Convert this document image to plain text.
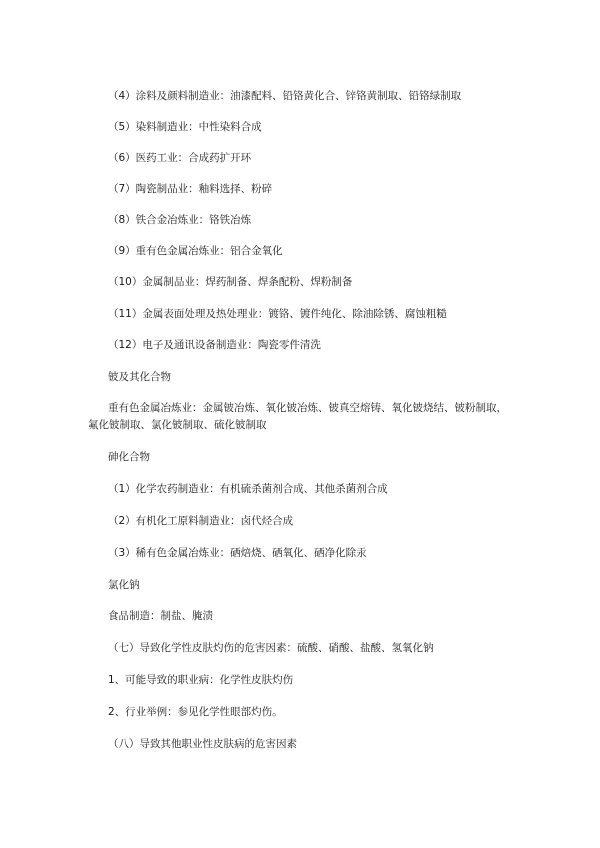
（4）涂料及颜料制造业：油漆配料、铅铬黄化合、锌铬黄制取、铅铬绿制取
（5）染料制造业：中性染料合成
（6）医药工业：合成药扩开环
（7）陶瓷制品业：釉料选择、粉碎
（8）铁合金冶炼业：铬铁冶炼
（9）重有色金属冶炼业：铝合金氧化
（10）金属制品业：焊药制备、焊条配粉、焊粉制备
（11）金属表面处理及热处理业：镀铬、镀件纯化、除油除锈、腐蚀粗糙
（12）电子及通讯设备制造业：陶瓷零件清洗
铍及其化合物
重有色金属冶炼业：金属铍冶炼、氧化铍冶炼、铍真空熔铸、氧化铍烧结、铍粉制取，
氟化铍制取、氯化铍制取、硫化铍制取
砷化合物
（1）化学农药制造业：有机硫杀菌剂合成、其他杀菌剂合成
（2）有机化工原料制造业：卤代烃合成
（3）稀有色金属冶炼业：硒焙烧、硒氧化、硒净化除汞
氯化钠
食品制造：制盐、腌渍
（七）导致化学性皮肤灼伤的危害因素：硫酸、硝酸、盐酸、氢氧化钠
1、可能导致的职业病：化学性皮肤灼伤
2、行业举例：参见化学性眼部灼伤。
（八）导致其他职业性皮肤病的危害因素
